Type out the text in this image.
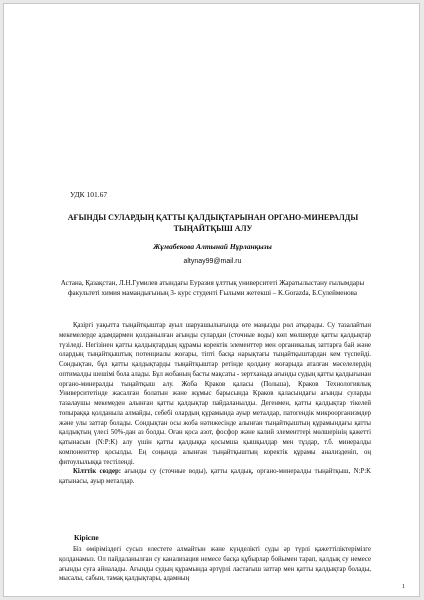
УДК 101.67
АҒЫНДЫ СУЛАРДЫҢ ҚАТТЫ ҚАЛДЫҚТАРЫНАН ОРГАНО-МИНЕРАЛДЫ ТЫҢАЙТҚЫШ АЛУ
Жұмабекова Алтынай Нұрланқызы
altynay99@mail.ru
Астана, Қазақстан, Л.Н.Гумилев атындағы Еуразия ұлттық университеті Жаратылыстану ғылымдары факультеті химия мамандығының 3- курс студенті Ғылыми жетекші – K.Gorazda, Б.Сулейменова

Қазіргі уақытта тыңайтқыштар ауыл шаруашылығында өте маңызды рөл атқарады. Су тазалайтын мекемелерде адамдармен қолданылған ағынды сулардан (сточные воды) көп мөлшерде қатты қалдықтар түзіледі. Негізінен қатты қалдықтардың құрамы коректік элементтер мен органикалық заттарға бай және олардың тыңайтқыштық потенциалы жоғары, тіпті басқа нарықтағы тыңайтқыштардан кем түспейді. Сондықтан, бұл қатты қалдықтарды тыңайтқыштар ретінде қолдану жоғарыда аталған мәселелердің оптималды шешімі бола алады. Бұл жобаның басты мақсаты - зертханада ағынды судың қатты қалдығынан органо-минералды тыңайтқыш алу. Жоба Краков қаласы (Польша), Краков Технологиялық Университетінде жасалған болатын және жұмыс барысында Краков қаласындағы ағынды суларды тазалаушы мекемеден алынған қатты қалдықтар пайдаланылды. Дегенмен, қатты қалдықтар тікелей топыраққа қолданыла алмайды, себебі олардың құрамында ауыр металдар, патогендік микроорганизмдер және улы заттар болады. Сондықтан осы жоба нәтижесінде алынған тыңайтқыштың құрамындағы қатты қалдықтың үлесі 50%-дан аз болды. Оған қоса азот, фосфор және калий элементтері мөлшерінің қажетті қатынасын (N:P:K) алу үшін қатты қалдыққа қосымша қышқылдар мен тұздар, т.б. минералды компоненттер қосылды. Ең соңында алынған тыңайтқыштың коректік құрамы анализденіп, оң фитоулылыққа тестіленді.

Кілттік сөздер: ағынды су (сточные воды), қатты қалдық, органо-минералды тыңайтқыш, N:P:K қатынасы, ауыр металдар.

Кіріспе

Біз өміріміздегі сусыз елестете алмайтын және күнделікті суды әр түрлі қажеттіліктерімізге қолданамыз. Ол пайдаланылған су канализация немесе басқа құбырлар бойымен тарап, қалдық су немесе ағынды суға айналады. Ағынды судың құрамында әртүрлі ластағыш заттар мен қатты қалдықтар болады, мысалы, сабын, тамақ қалдықтары, адамның

1
